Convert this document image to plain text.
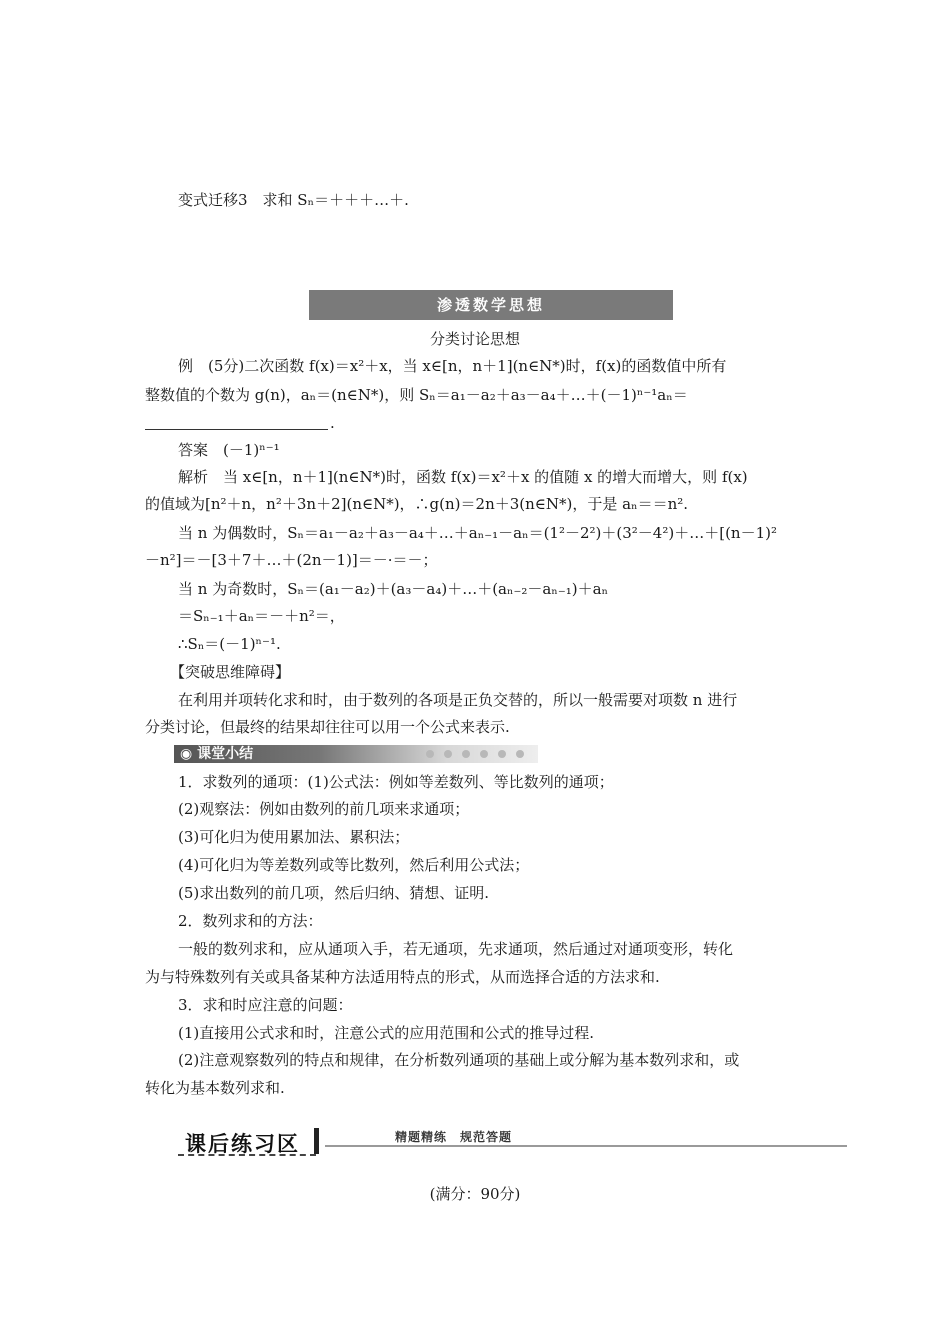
变式迁移3　求和 Sₙ＝＋＋＋…＋.
渗透数学思想
分类讨论思想
例　(5分)二次函数 f(x)＝x²＋x，当 x∈[n，n＋1](n∈N*)时，f(x)的函数值中所有
整数值的个数为 g(n)，aₙ＝(n∈N*)，则 Sₙ＝a₁－a₂＋a₃－a₄＋…＋(－1)ⁿ⁻¹aₙ＝
.
答案　(－1)ⁿ⁻¹
解析　当 x∈[n，n＋1](n∈N*)时，函数 f(x)＝x²＋x 的值随 x 的增大而增大，则 f(x)
的值域为[n²＋n，n²＋3n＋2](n∈N*)，∴g(n)＝2n＋3(n∈N*)，于是 aₙ＝＝n².
当 n 为偶数时，Sₙ＝a₁－a₂＋a₃－a₄＋…＋aₙ₋₁－aₙ＝(1²－2²)＋(3²－4²)＋…＋[(n－1)²
－n²]＝－[3＋7＋…＋(2n－1)]＝－·＝－；
当 n 为奇数时，Sₙ＝(a₁－a₂)＋(a₃－a₄)＋…＋(aₙ₋₂－aₙ₋₁)＋aₙ
＝Sₙ₋₁＋aₙ＝－＋n²＝，
∴Sₙ＝(－1)ⁿ⁻¹.
【突破思维障碍】
在利用并项转化求和时，由于数列的各项是正负交替的，所以一般需要对项数 n 进行
分类讨论，但最终的结果却往往可以用一个公式来表示.
◉ 课堂小结
1．求数列的通项：(1)公式法：例如等差数列、等比数列的通项；
(2)观察法：例如由数列的前几项来求通项；
(3)可化归为使用累加法、累积法；
(4)可化归为等差数列或等比数列，然后利用公式法；
(5)求出数列的前几项，然后归纳、猜想、证明.
2．数列求和的方法：
一般的数列求和，应从通项入手，若无通项，先求通项，然后通过对通项变形，转化
为与特殊数列有关或具备某种方法适用特点的形式，从而选择合适的方法求和.
3．求和时应注意的问题：
(1)直接用公式求和时，注意公式的应用范围和公式的推导过程.
(2)注意观察数列的特点和规律，在分析数列通项的基础上或分解为基本数列求和，或
转化为基本数列求和.
课后练习区	精题精练　规范答题
(满分：90分)
